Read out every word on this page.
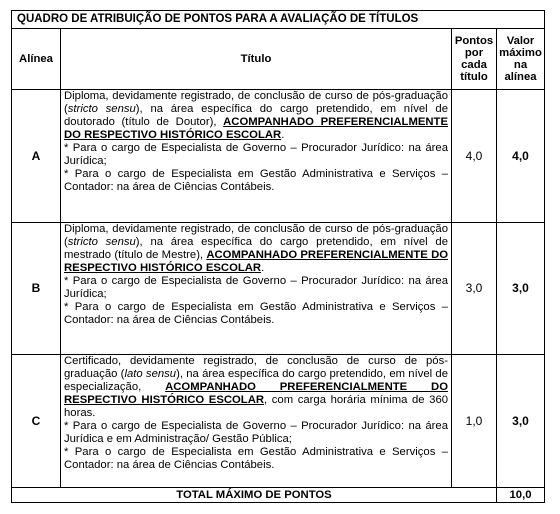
QUADRO DE ATRIBUIÇÃO DE PONTOS PARA A AVALIAÇÃO DE TÍTULOS			
Alínea	Título	Pontos por cada título	Valor máximo na alínea
A	Diploma, devidamente registrado, de conclusão de curso de pós-graduação (stricto sensu), na área específica do cargo pretendido, em nível de doutorado (título de Doutor), ACOMPANHADO PREFERENCIALMENTE DO RESPECTIVO HISTÓRICO ESCOLAR.

* Para o cargo de Especialista de Governo – Procurador Jurídico: na área Jurídica;

* Para o cargo de Especialista em Gestão Administrativa e Serviços – Contador: na área de Ciências Contábeis.	4,0	4,0
B	Diploma, devidamente registrado, de conclusão de curso de pós-graduação (stricto sensu), na área específica do cargo pretendido, em nível de mestrado (título de Mestre), ACOMPANHADO PREFERENCIALMENTE DO RESPECTIVO HISTÓRICO ESCOLAR.

* Para o cargo de Especialista de Governo – Procurador Jurídico: na área Jurídica;

* Para o cargo de Especialista em Gestão Administrativa e Serviços – Contador: na área de Ciências Contábeis.	3,0	3,0
C	Certificado, devidamente registrado, de conclusão de curso de pós-graduação (lato sensu), na área específica do cargo pretendido, em nível de especialização, ACOMPANHADO PREFERENCIALMENTE DO RESPECTIVO HISTÓRICO ESCOLAR, com carga horária mínima de 360 horas.

* Para o cargo de Especialista de Governo – Procurador Jurídico: na área Jurídica e em Administração/ Gestão Pública;

* Para o cargo de Especialista em Gestão Administrativa e Serviços – Contador: na área de Ciências Contábeis.	1,0	3,0
TOTAL MÁXIMO DE PONTOS			10,0
